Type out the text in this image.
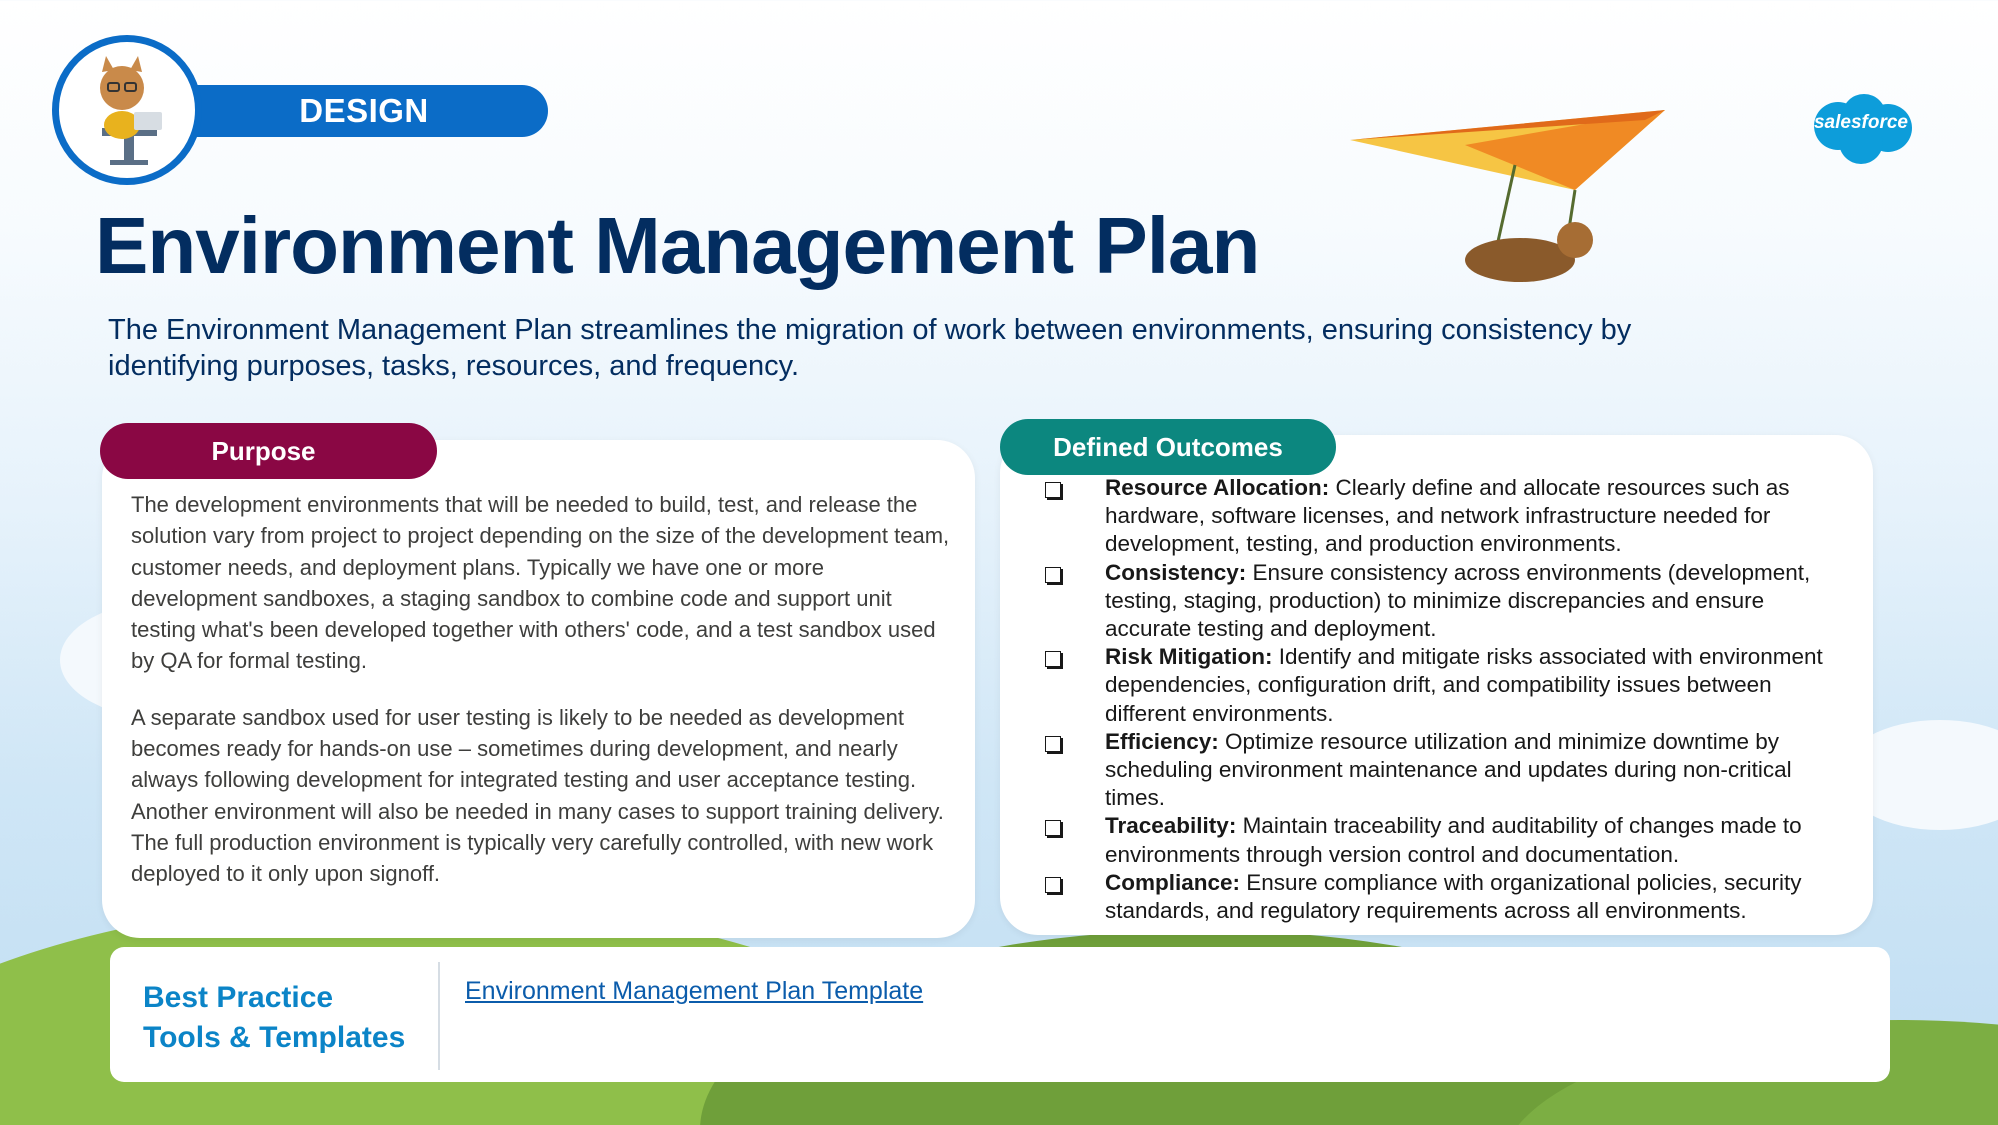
DESIGN	salesforce
Environment Management Plan
The Environment Management Plan streamlines the migration of work between environments, ensuring consistency by identifying purposes, tasks, resources, and frequency.
Purpose

The development environments that will be needed to build, test, and release the solution vary from project to project depending on the size of the development team, customer needs, and deployment plans. Typically we have one or more development sandboxes, a staging sandbox to combine code and support unit testing what's been developed together with others' code, and a test sandbox used by QA for formal testing.

A separate sandbox used for user testing is likely to be needed as development becomes ready for hands-on use – sometimes during development, and nearly always following development for integrated testing and user acceptance testing. Another environment will also be needed in many cases to support training delivery. The full production environment is typically very carefully controlled, with new work deployed to it only upon signoff.

Defined Outcomes
Resource Allocation: Clearly define and allocate resources such as hardware, software licenses, and network infrastructure needed for development, testing, and production environments.
Consistency: Ensure consistency across environments (development, testing, staging, production) to minimize discrepancies and ensure accurate testing and deployment.
Risk Mitigation: Identify and mitigate risks associated with environment dependencies, configuration drift, and compatibility issues between different environments.
Efficiency: Optimize resource utilization and minimize downtime by scheduling environment maintenance and updates during non-critical times.
Traceability: Maintain traceability and auditability of changes made to environments through version control and documentation.
Compliance: Ensure compliance with organizational policies, security standards, and regulatory requirements across all environments.
Best Practice
Tools & Templates
Environment Management Plan Template
